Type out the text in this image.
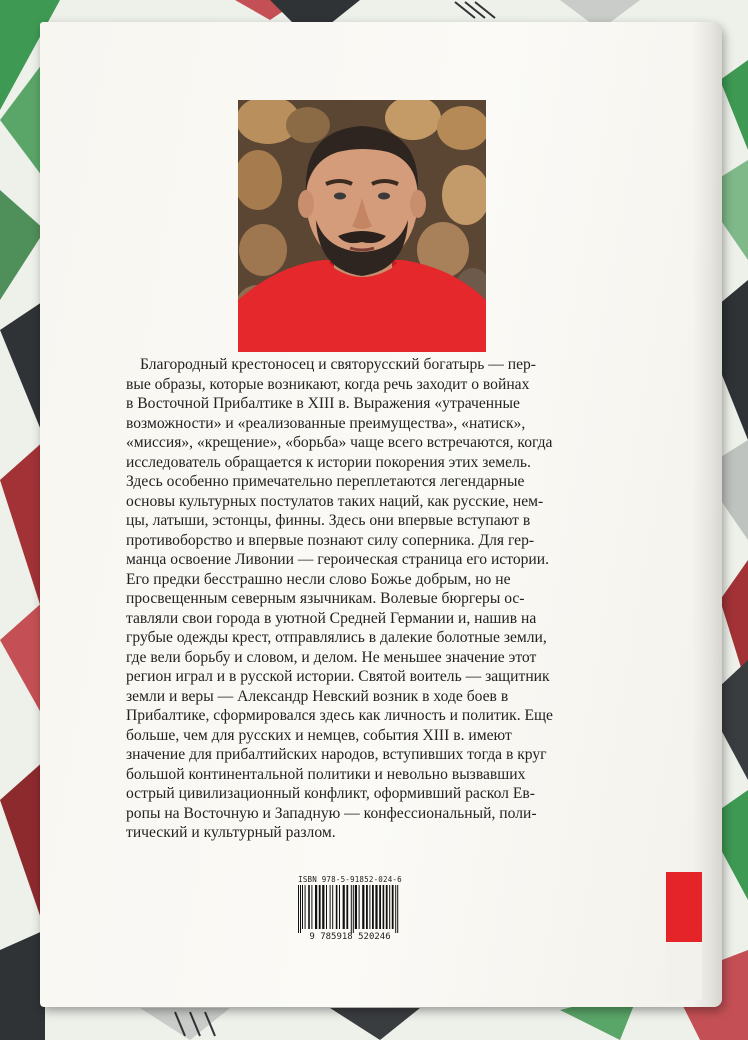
Благородный крестоносец и святорусский богатырь — пер-
вые образы, которые возникают, когда речь заходит о войнах
в Восточной Прибалтике в XIII в. Выражения «утраченные
возможности» и «реализованные преимущества», «натиск»,
«миссия», «крещение», «борьба» чаще всего встречаются, когда
исследователь обращается к истории покорения этих земель.
Здесь особенно примечательно переплетаются легендарные
основы культурных постулатов таких наций, как русские, нем-
цы, латыши, эстонцы, финны. Здесь они впервые вступают в
противоборство и впервые познают силу соперника. Для гер-
манца освоение Ливонии — героическая страница его истории.
Его предки бесстрашно несли слово Божье добрым, но не
просвещенным северным язычникам. Волевые бюргеры ос-
тавляли свои города в уютной Средней Германии и, нашив на
грубые одежды крест, отправлялись в далекие болотные земли,
где вели борьбу и словом, и делом. Не меньшее значение этот
регион играл и в русской истории. Святой воитель — защитник
земли и веры — Александр Невский возник в ходе боев в
Прибалтике, сформировался здесь как личность и политик. Еще
больше, чем для русских и немцев, события XIII в. имеют
значение для прибалтийских народов, вступивших тогда в круг
большой континентальной политики и невольно вызвавших
острый цивилизационный конфликт, оформивший раскол Ев-
ропы на Восточную и Западную — конфессиональный, поли-
тический и культурный разлом.
ISBN 978-5-91852-024-6
9 785918 520246
